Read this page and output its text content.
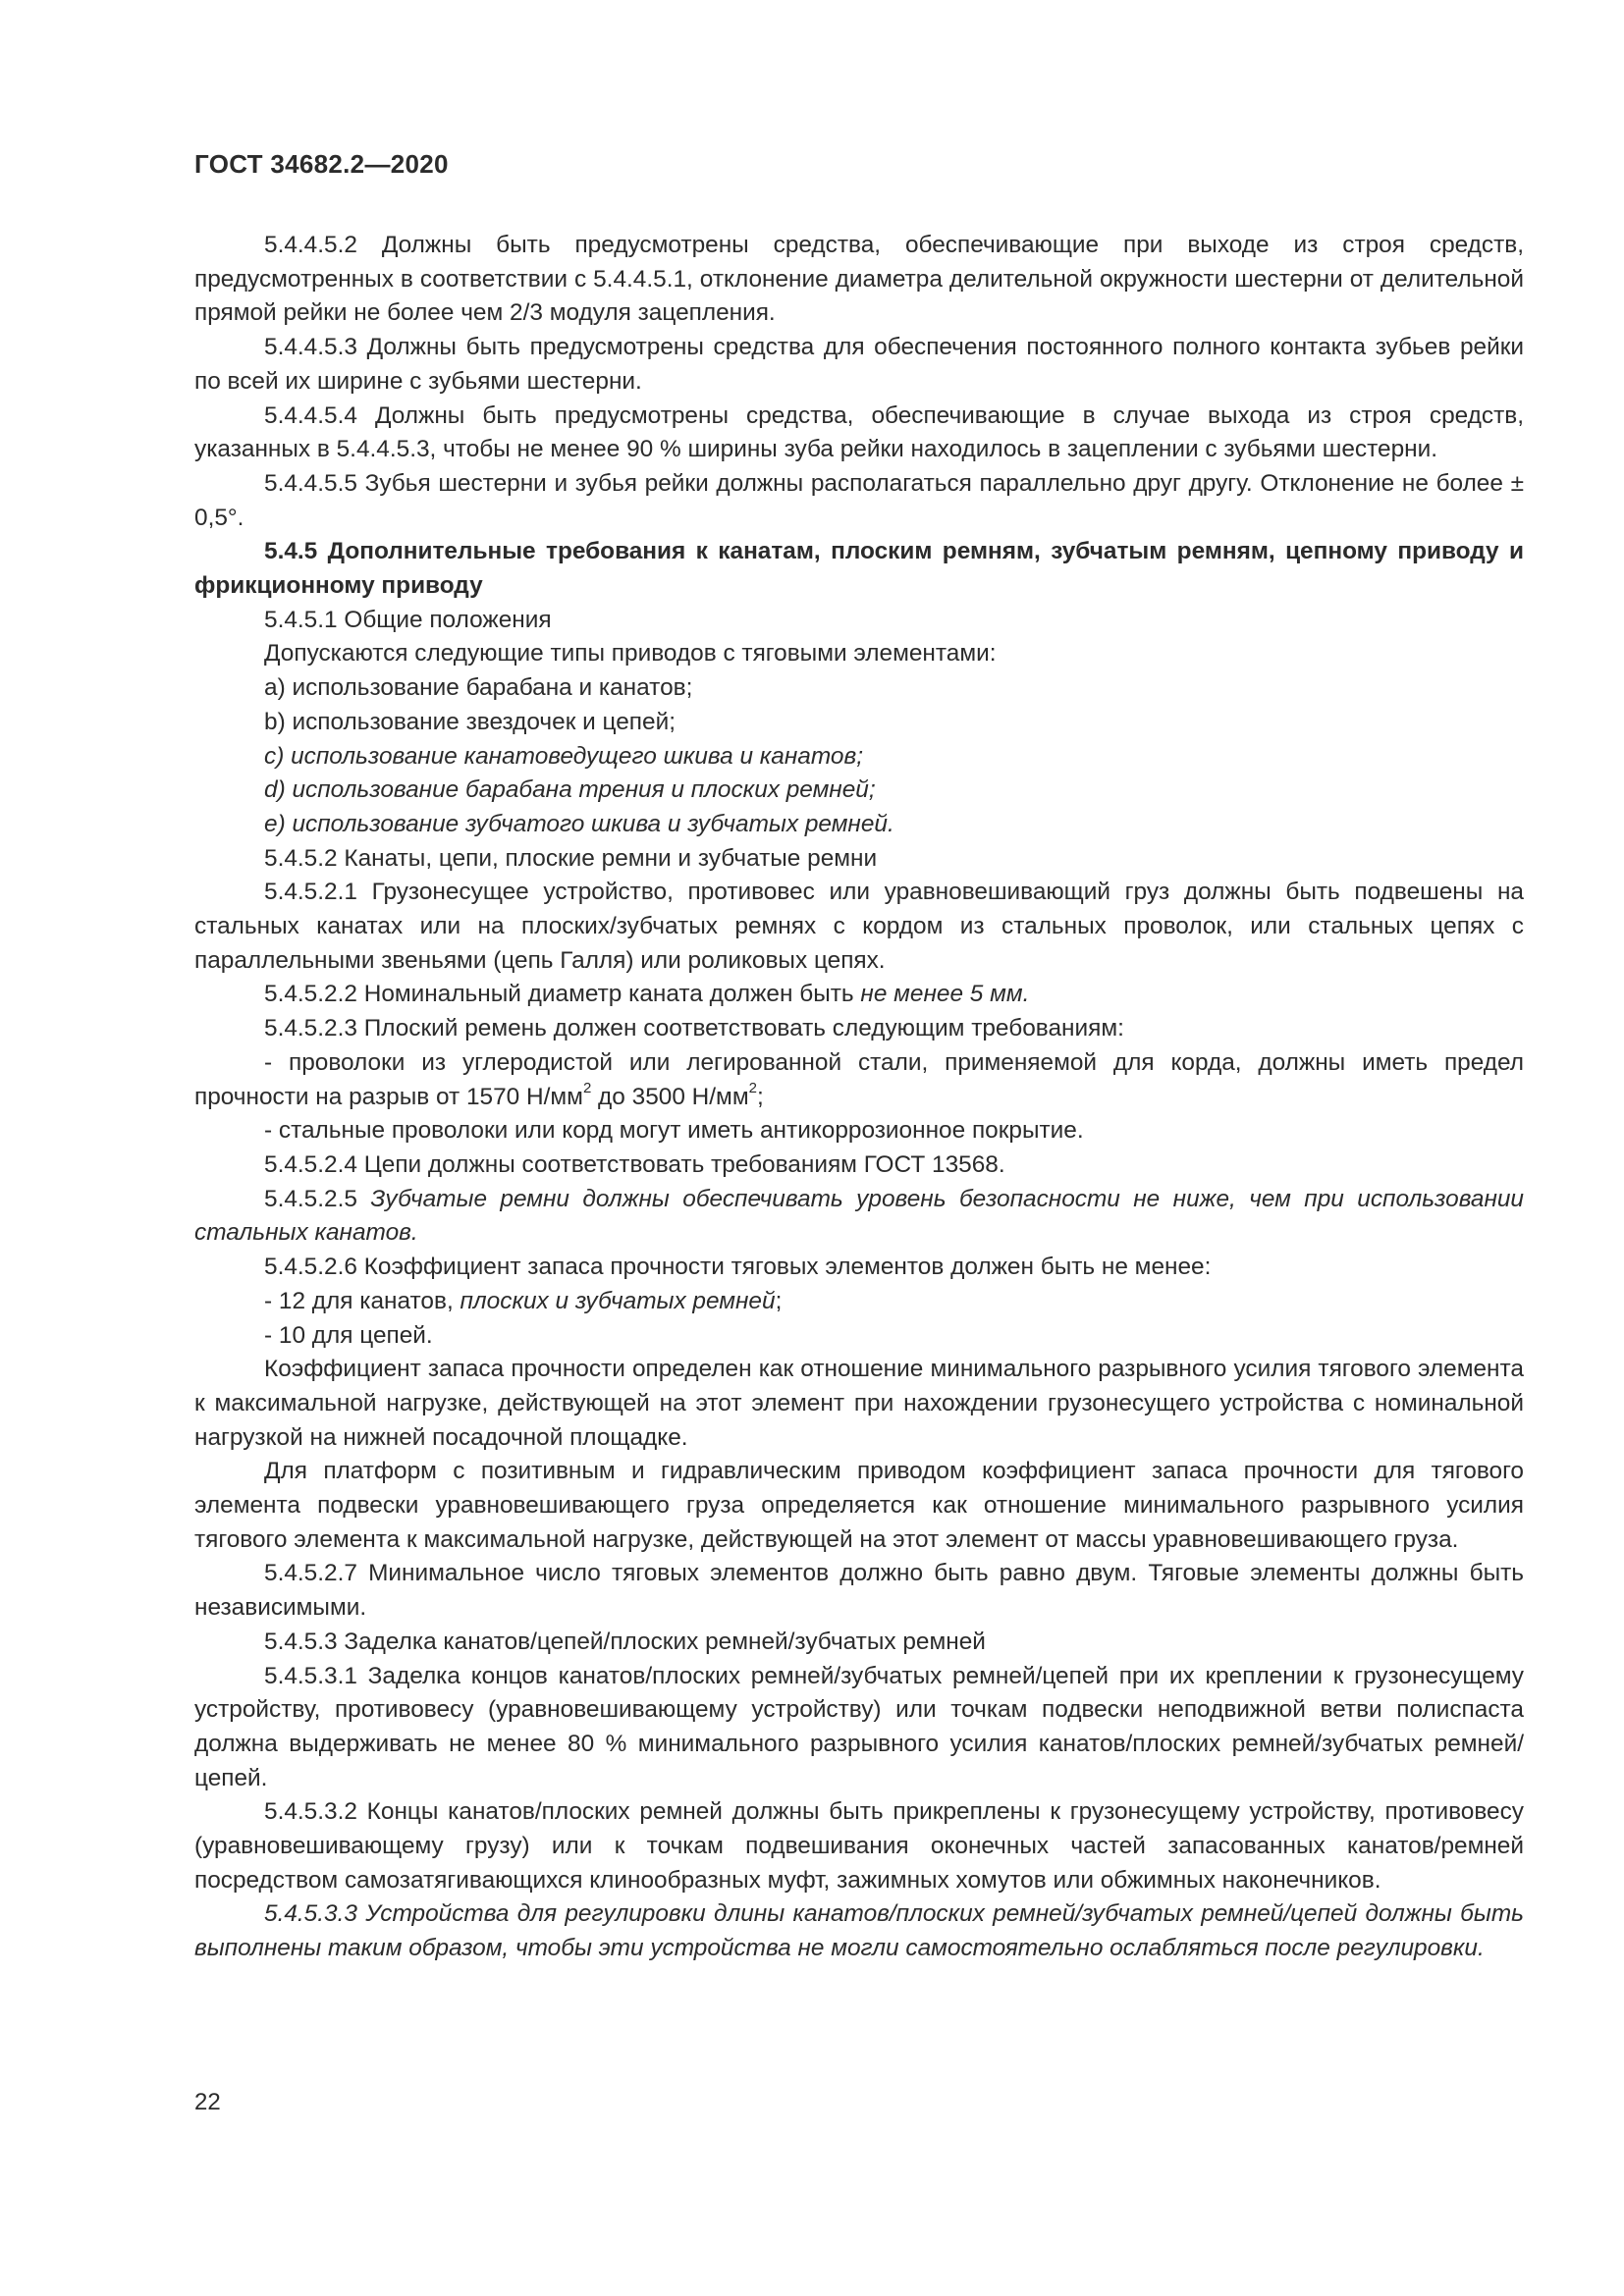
ГОСТ 34682.2—2020

5.4.4.5.2 Должны быть предусмотрены средства, обеспечивающие при выходе из строя средств, предусмотренных в соответствии с 5.4.4.5.1, отклонение диаметра делительной окружности шестерни от делительной прямой рейки не более чем 2/3 модуля зацепления.

5.4.4.5.3 Должны быть предусмотрены средства для обеспечения постоянного полного контакта зубьев рейки по всей их ширине с зубьями шестерни.

5.4.4.5.4 Должны быть предусмотрены средства, обеспечивающие в случае выхода из строя средств, указанных в 5.4.4.5.3, чтобы не менее 90 % ширины зуба рейки находилось в зацеплении с зубьями шестерни.

5.4.4.5.5 Зубья шестерни и зубья рейки должны располагаться параллельно друг другу. Отклонение не более ± 0,5°.

5.4.5 Дополнительные требования к канатам, плоским ремням, зубчатым ремням, цепному приводу и фрикционному приводу

5.4.5.1 Общие положения

Допускаются следующие типы приводов с тяговыми элементами:

a) использование барабана и канатов;

b) использование звездочек и цепей;

c) использование канатоведущего шкива и канатов;

d) использование барабана трения и плоских ремней;

e) использование зубчатого шкива и зубчатых ремней.

5.4.5.2 Канаты, цепи, плоские ремни и зубчатые ремни

5.4.5.2.1 Грузонесущее устройство, противовес или уравновешивающий груз должны быть подвешены на стальных канатах или на плоских/зубчатых ремнях с кордом из стальных проволок, или стальных цепях с параллельными звеньями (цепь Галля) или роликовых цепях.

5.4.5.2.2 Номинальный диаметр каната должен быть не менее 5 мм.

5.4.5.2.3 Плоский ремень должен соответствовать следующим требованиям:

- проволоки из углеродистой или легированной стали, применяемой для корда, должны иметь предел прочности на разрыв от 1570 $Н/мм^2$ до 3500 $Н/мм^2$;

- стальные проволоки или корд могут иметь антикоррозионное покрытие.

5.4.5.2.4 Цепи должны соответствовать требованиям ГОСТ 13568.

5.4.5.2.5 Зубчатые ремни должны обеспечивать уровень безопасности не ниже, чем при использовании стальных канатов.

5.4.5.2.6 Коэффициент запаса прочности тяговых элементов должен быть не менее:

- 12 для канатов, плоских и зубчатых ремней;

- 10 для цепей.

Коэффициент запаса прочности определен как отношение минимального разрывного усилия тягового элемента к максимальной нагрузке, действующей на этот элемент при нахождении грузонесущего устройства с номинальной нагрузкой на нижней посадочной площадке.

Для платформ с позитивным и гидравлическим приводом коэффициент запаса прочности для тягового элемента подвески уравновешивающего груза определяется как отношение минимального разрывного усилия тягового элемента к максимальной нагрузке, действующей на этот элемент от массы уравновешивающего груза.

5.4.5.2.7 Минимальное число тяговых элементов должно быть равно двум. Тяговые элементы должны быть независимыми.

5.4.5.3 Заделка канатов/цепей/плоских ремней/зубчатых ремней

5.4.5.3.1 Заделка концов канатов/плоских ремней/зубчатых ремней/цепей при их креплении к грузонесущему устройству, противовесу (уравновешивающему устройству) или точкам подвески неподвижной ветви полиспаста должна выдерживать не менее 80 % минимального разрывного усилия канатов/плоских ремней/зубчатых ремней/цепей.

5.4.5.3.2 Концы канатов/плоских ремней должны быть прикреплены к грузонесущему устройству, противовесу (уравновешивающему грузу) или к точкам подвешивания оконечных частей запасованных канатов/ремней посредством самозатягивающихся клинообразных муфт, зажимных хомутов или обжимных наконечников.

5.4.5.3.3 Устройства для регулировки длины канатов/плоских ремней/зубчатых ремней/цепей должны быть выполнены таким образом, чтобы эти устройства не могли самостоятельно ослабляться после регулировки.

22
